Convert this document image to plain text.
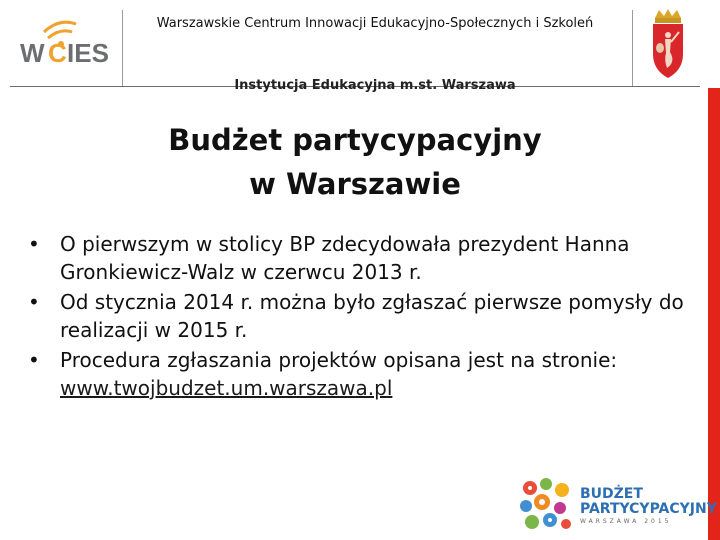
W C IES
Warszawskie Centrum Innowacji Edukacyjno-Społecznych i Szkoleń
Instytucja Edukacyjna m.st. Warszawa
Budżet partycypacyjny
w Warszawie
• O pierwszym w stolicy BP zdecydowała prezydent Hanna Gronkiewicz-Walz w czerwcu 2013 r.
• Od stycznia 2014 r. można było zgłaszać pierwsze pomysły do realizacji w 2015 r.
• Procedura zgłaszania projektów opisana jest na stronie:
www.twojbudzet.um.warszawa.pl
BUDŻET
PARTYCYPACYJNY
WARSZAWA 2015
